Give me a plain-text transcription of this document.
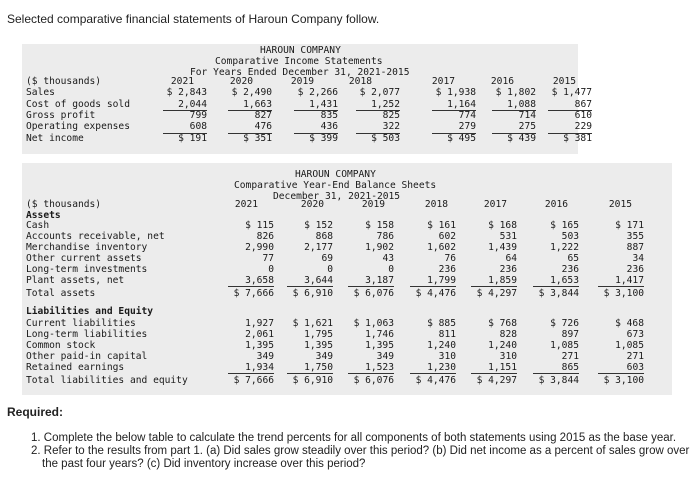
Selected comparative financial statements of Haroun Company follow.
HAROUN COMPANY
Comparative Income Statements
For Years Ended December 31, 2021-2015
($ thousands)	2021	2020	2019	2018	2017	2016	2015
Sales	$ 2,843	$ 2,490	$ 2,266 $ 2,077	$ 1,938 $ 1,802 $ 1,477
Cost of goods sold	2,044	1,663	1,431	1,252	1,164	1,088	867
Gross profit	799	827	835	825	774	714	610
Operating expenses	608	476	436	322	279	275	229
Net income	$ 191	$ 351	$ 399	$ 503	$ 495	$ 439	$ 381
HAROUN COMPANY
Comparative Year-End Balance Sheets
December 31, 2021-2015
($ thousands)
Assets
Liabilities and Equity
2021	2020	2019	2018	2017	2016	2015
Cash	$ 115	$ 152	$ 158	$ 161	$ 168	$ 165	$ 171
Accounts receivable, net	826	868	786	602	531	503	355
Merchandise inventory	2,990	2,177	1,902	1,602	1,439	1,222	887
Other current assets	77	69	43	76	64	65	34
Long-term investments	0	0	0	236	236	236	236
Plant assets, net	3,658	3,644	3,187	1,799	1,859	1,653	1,417
Total assets	$ 7,666 $ 6,910 $ 6,076 $ 4,476 $ 4,297 $ 3,844	$ 3,100
Current liabilities	1,927 $ 1,621 $ 1,063	$ 885	$ 768	$ 726	$ 468
Long-term liabilities	2,061	1,795	1,746	811	828	897	673
Common stock	1,395	1,395	1,395	1,240	1,240	1,085	1,085
Other paid-in capital	349	349	349	310	310	271	271
Retained earnings	1,934	1,750	1,523	1,230	1,151	865	603
Total liabilities and equity	$ 7,666 $ 6,910 $ 6,076 $ 4,476 $ 4,297 $ 3,844	$ 3,100
Required:
1. Complete the below table to calculate the trend percents for all components of both statements using 2015 as the base year.
2. Refer to the results from part 1. (a) Did sales grow steadily over this period? (b) Did net income as a percent of sales grow over
the past four years? (c) Did inventory increase over this period?
